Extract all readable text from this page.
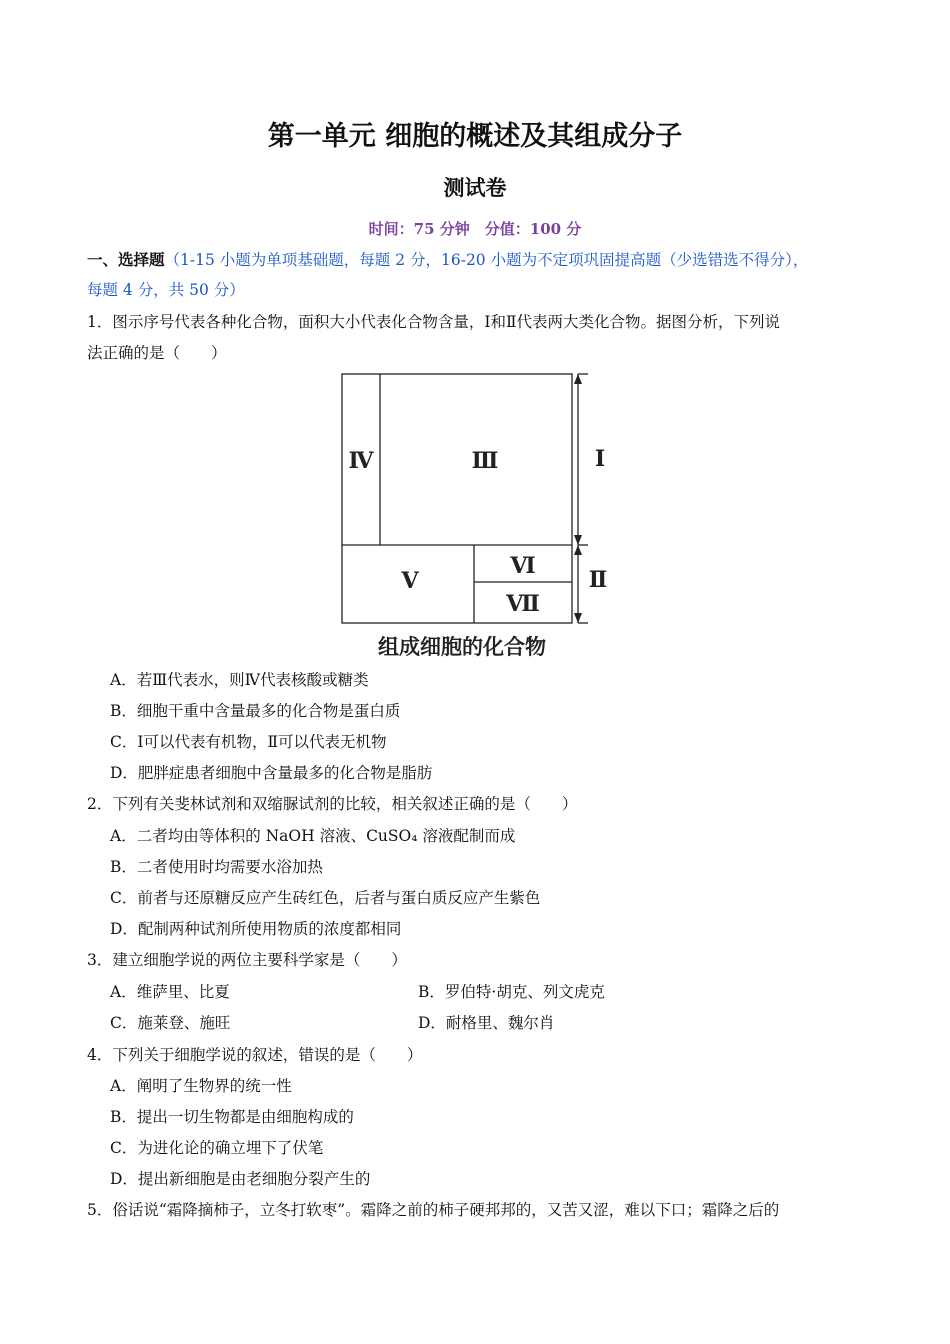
第一单元 细胞的概述及其组成分子
测试卷
时间：75 分钟　分值：100 分
一、选择题（1-15 小题为单项基础题，每题 2 分，16-20 小题为不定项巩固提高题（少选错选不得分），
每题 4 分，共 50 分）
1．图示序号代表各种化合物，面积大小代表化合物含量，Ⅰ和Ⅱ代表两大类化合物。据图分析，下列说
法正确的是（　　）
Ⅳ	Ⅲ	Ⅰ
Ⅴ
Ⅵ
Ⅶ
Ⅱ
组成细胞的化合物
A．若Ⅲ代表水，则Ⅳ代表核酸或糖类
B．细胞干重中含量最多的化合物是蛋白质
C．Ⅰ可以代表有机物，Ⅱ可以代表无机物
D．肥胖症患者细胞中含量最多的化合物是脂肪
2．下列有关斐林试剂和双缩脲试剂的比较，相关叙述正确的是（　　）
A．二者均由等体积的 NaOH 溶液、CuSO₄ 溶液配制而成
B．二者使用时均需要水浴加热
C．前者与还原糖反应产生砖红色，后者与蛋白质反应产生紫色
D．配制两种试剂所使用物质的浓度都相同
3．建立细胞学说的两位主要科学家是（　　）
A．维萨里、比夏	B．罗伯特·胡克、列文虎克
C．施莱登、施旺	D．耐格里、魏尔肖
4．下列关于细胞学说的叙述，错误的是（　　）
A．阐明了生物界的统一性
B．提出一切生物都是由细胞构成的
C．为进化论的确立埋下了伏笔
D．提出新细胞是由老细胞分裂产生的
5．俗话说“霜降摘柿子，立冬打软枣”。霜降之前的柿子硬邦邦的，又苦又涩，难以下口；霜降之后的
